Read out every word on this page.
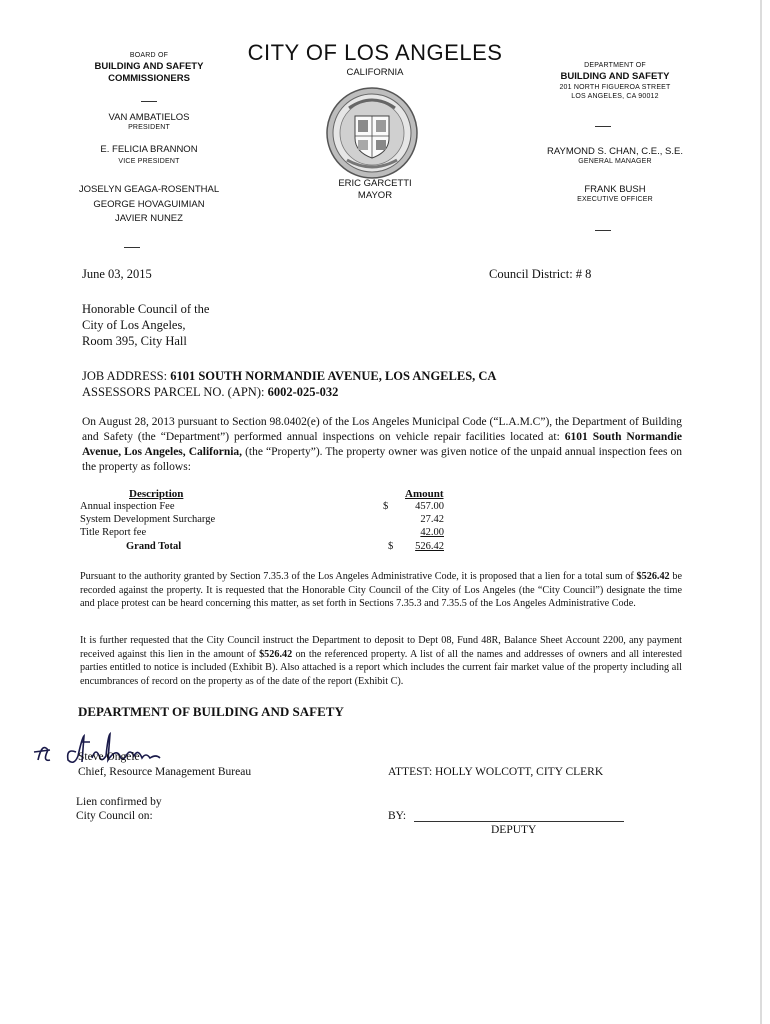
BOARD OF
BUILDING AND SAFETY
COMMISSIONERS
VAN AMBATIELOS
PRESIDENT
E. FELICIA BRANNON
VICE PRESIDENT
JOSELYN GEAGA-ROSENTHAL
GEORGE HOVAGUIMIAN
JAVIER NUNEZ
CITY OF LOS ANGELES
CALIFORNIA
ERIC GARCETTI
MAYOR
DEPARTMENT OF
BUILDING AND SAFETY
201 NORTH FIGUEROA STREET
LOS ANGELES, CA 90012
RAYMOND S. CHAN, C.E., S.E.
GENERAL MANAGER
FRANK BUSH
EXECUTIVE OFFICER
June 03, 2015	Council District: # 8
Honorable Council of the
City of Los Angeles,
Room 395, City Hall
JOB ADDRESS: 6101 SOUTH NORMANDIE AVENUE, LOS ANGELES, CA
ASSESSORS PARCEL NO. (APN): 6002-025-032
On August 28, 2013 pursuant to Section 98.0402(e) of the Los Angeles Municipal Code (“L.A.M.C”), the Department of Building and Safety (the “Department”) performed annual inspections on vehicle repair facilities located at: 6101 South Normandie Avenue, Los Angeles, California, (the “Property”). The property owner was given notice of the unpaid annual inspection fees on the property as follows:
Description	Amount
Annual inspection Fee	$	457.00
System Development Surcharge	27.42
Title Report fee	42.00
Grand Total	$	526.42
Pursuant to the authority granted by Section 7.35.3 of the Los Angeles Administrative Code, it is proposed that a lien for a total sum of $526.42 be recorded against the property. It is requested that the Honorable City Council of the City of Los Angeles (the “City Council”) designate the time and place protest can be heard concerning this matter, as set forth in Sections 7.35.3 and 7.35.5 of the Los Angeles Administrative Code.
It is further requested that the City Council instruct the Department to deposit to Dept 08, Fund 48R, Balance Sheet Account 2200, any payment received against this lien in the amount of $526.42 on the referenced property. A list of all the names and addresses of owners and all interested parties entitled to notice is included (Exhibit B). Also attached is a report which includes the current fair market value of the property including all encumbrances of record on the property as of the date of the report (Exhibit C).
DEPARTMENT OF BUILDING AND SAFETY
Steve Ongele
Chief, Resource Management Bureau	ATTEST: HOLLY WOLCOTT, CITY CLERK
Lien confirmed by
City Council on:	BY:
DEPUTY
